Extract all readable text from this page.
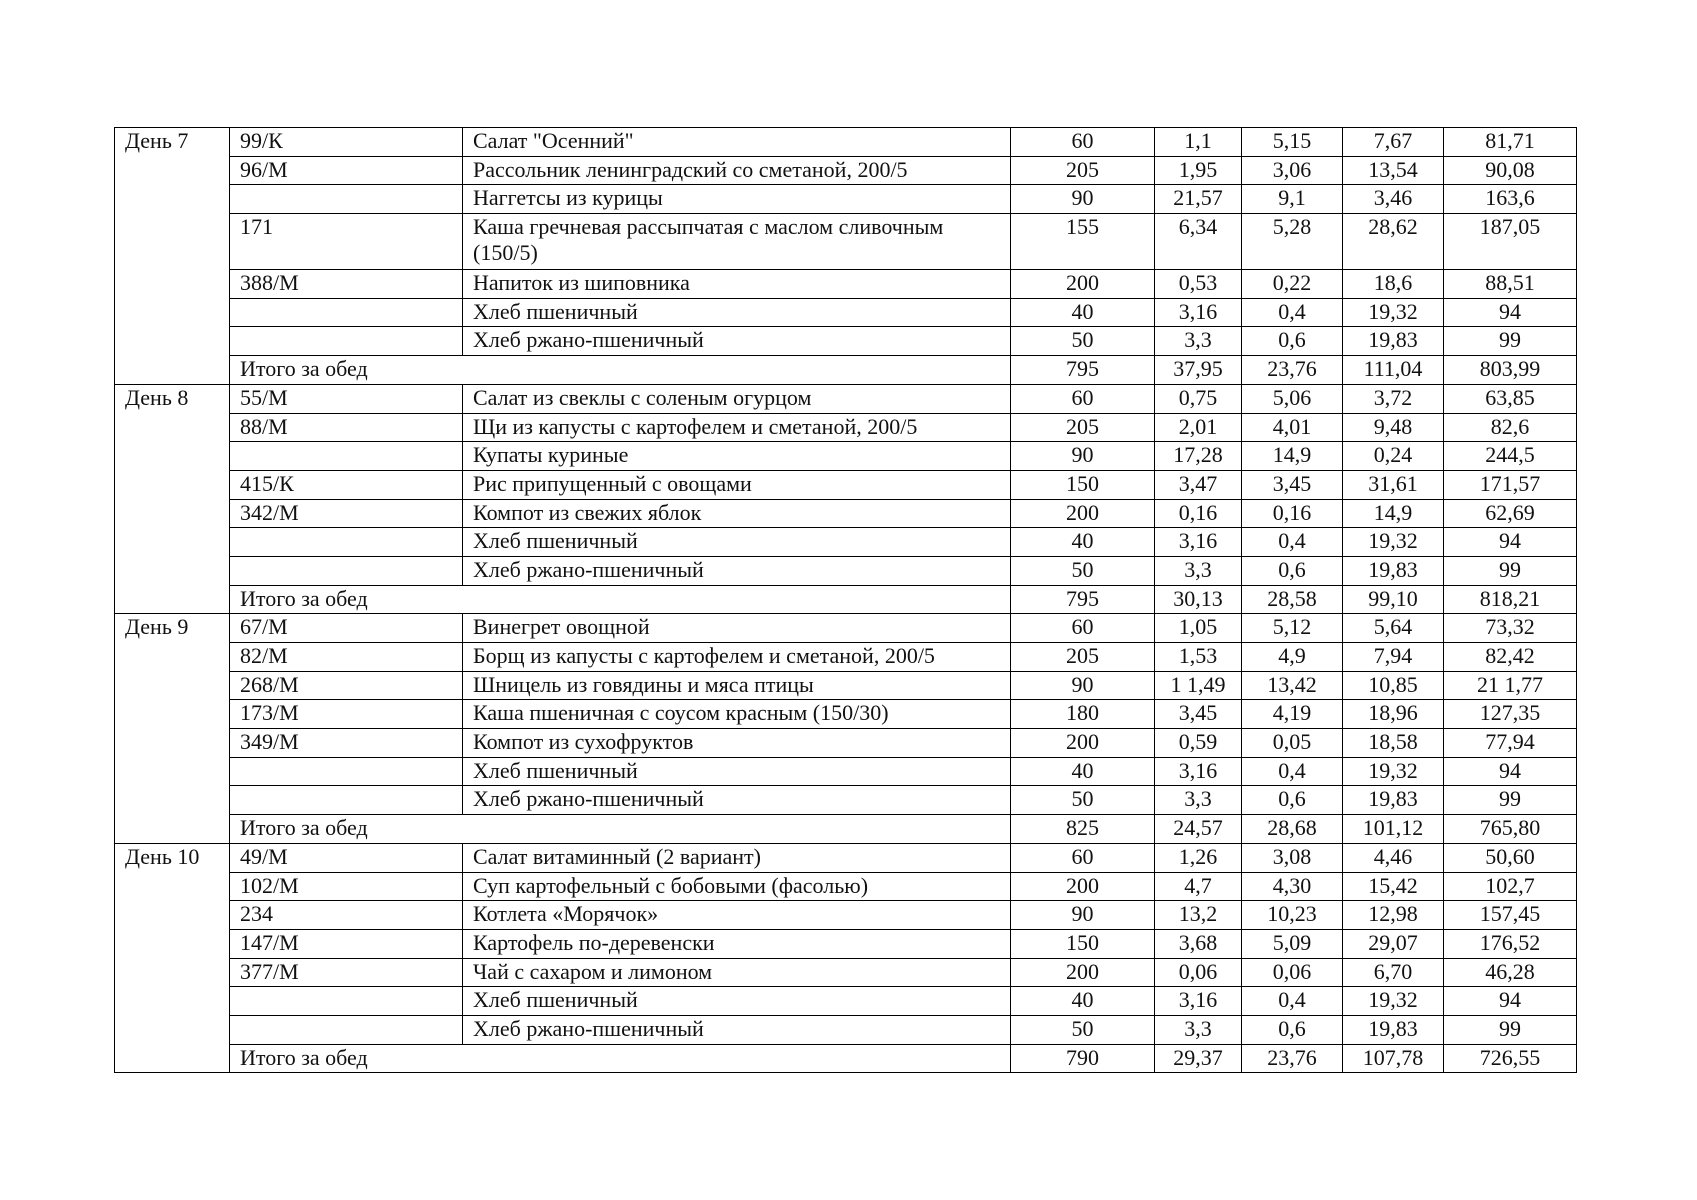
День 7	99/К	Салат "Осенний"	60	1,1	5,15	7,67	81,71
	96/М	Рассольник ленинградский со сметаной, 200/5	205	1,95	3,06	13,54	90,08
		Наггетсы из курицы	90	21,57	9,1	3,46	163,6
	171	Каша гречневая рассыпчатая с маслом сливочным (150/5)	155	6,34	5,28	28,62	187,05
	388/М	Напиток из шиповника	200	0,53	0,22	18,6	88,51
		Хлеб пшеничный	40	3,16	0,4	19,32	94
		Хлеб ржано-пшеничный	50	3,3	0,6	19,83	99
	Итого за обед		795	37,95	23,76	111,04	803,99
День 8	55/М	Салат из свеклы с соленым огурцом	60	0,75	5,06	3,72	63,85
	88/М	Щи из капусты с картофелем и сметаной, 200/5	205	2,01	4,01	9,48	82,6
		Купаты куриные	90	17,28	14,9	0,24	244,5
	415/К	Рис припущенный с овощами	150	3,47	3,45	31,61	171,57
	342/М	Компот из свежих яблок	200	0,16	0,16	14,9	62,69
		Хлеб пшеничный	40	3,16	0,4	19,32	94
		Хлеб ржано-пшеничный	50	3,3	0,6	19,83	99
	Итого за обед		795	30,13	28,58	99,10	818,21
День 9	67/М	Винегрет овощной	60	1,05	5,12	5,64	73,32
	82/М	Борщ из капусты с картофелем и сметаной, 200/5	205	1,53	4,9	7,94	82,42
	268/М	Шницель из говядины и мяса птицы	90	1 1,49	13,42	10,85	21 1,77
	173/М	Каша пшеничная с соусом красным (150/30)	180	3,45	4,19	18,96	127,35
	349/М	Компот из сухофруктов	200	0,59	0,05	18,58	77,94
		Хлеб пшеничный	40	3,16	0,4	19,32	94
		Хлеб ржано-пшеничный	50	3,3	0,6	19,83	99
	Итого за обед		825	24,57	28,68	101,12	765,80
День 10	49/М	Салат витаминный (2 вариант)	60	1,26	3,08	4,46	50,60
	102/М	Суп картофельный с бобовыми (фасолью)	200	4,7	4,30	15,42	102,7
	234	Котлета «Морячок»	90	13,2	10,23	12,98	157,45
	147/М	Картофель по-деревенски	150	3,68	5,09	29,07	176,52
	377/М	Чай с сахаром и лимоном	200	0,06	0,06	6,70	46,28
		Хлеб пшеничный	40	3,16	0,4	19,32	94
		Хлеб ржано-пшеничный	50	3,3	0,6	19,83	99
	Итого за обед		790	29,37	23,76	107,78	726,55
